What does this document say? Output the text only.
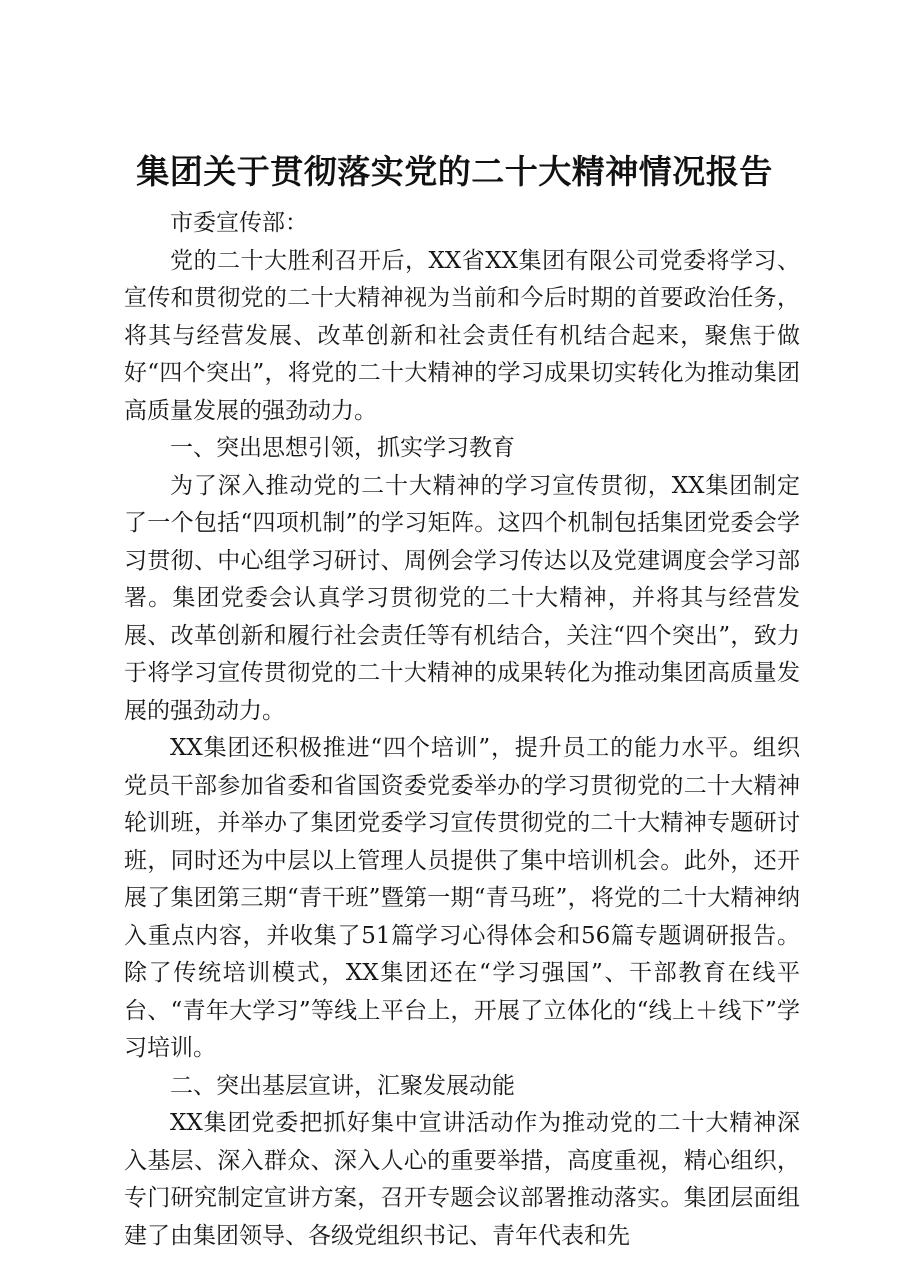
集团关于贯彻落实党的二十大精神情况报告

市委宣传部：

党的二十大胜利召开后，XX省XX集团有限公司党委将学习、宣传和贯彻党的二十大精神视为当前和今后时期的首要政治任务，将其与经营发展、改革创新和社会责任有机结合起来，聚焦于做好“四个突出”，将党的二十大精神的学习成果切实转化为推动集团高质量发展的强劲动力。

一、突出思想引领，抓实学习教育

为了深入推动党的二十大精神的学习宣传贯彻，XX集团制定了一个包括“四项机制”的学习矩阵。这四个机制包括集团党委会学习贯彻、中心组学习研讨、周例会学习传达以及党建调度会学习部署。集团党委会认真学习贯彻党的二十大精神，并将其与经营发展、改革创新和履行社会责任等有机结合，关注“四个突出”，致力于将学习宣传贯彻党的二十大精神的成果转化为推动集团高质量发展的强劲动力。

XX集团还积极推进“四个培训”，提升员工的能力水平。组织党员干部参加省委和省国资委党委举办的学习贯彻党的二十大精神轮训班，并举办了集团党委学习宣传贯彻党的二十大精神专题研讨班，同时还为中层以上管理人员提供了集中培训机会。此外，还开展了集团第三期“青干班”暨第一期“青马班”，将党的二十大精神纳入重点内容，并收集了51篇学习心得体会和56篇专题调研报告。除了传统培训模式，XX集团还在“学习强国”、干部教育在线平台、“青年大学习”等线上平台上，开展了立体化的“线上＋线下”学习培训。

二、突出基层宣讲，汇聚发展动能

XX集团党委把抓好集中宣讲活动作为推动党的二十大精神深入基层、深入群众、深入人心的重要举措，高度重视，精心组织，专门研究制定宣讲方案，召开专题会议部署推动落实。集团层面组建了由集团领导、各级党组织书记、青年代表和先
